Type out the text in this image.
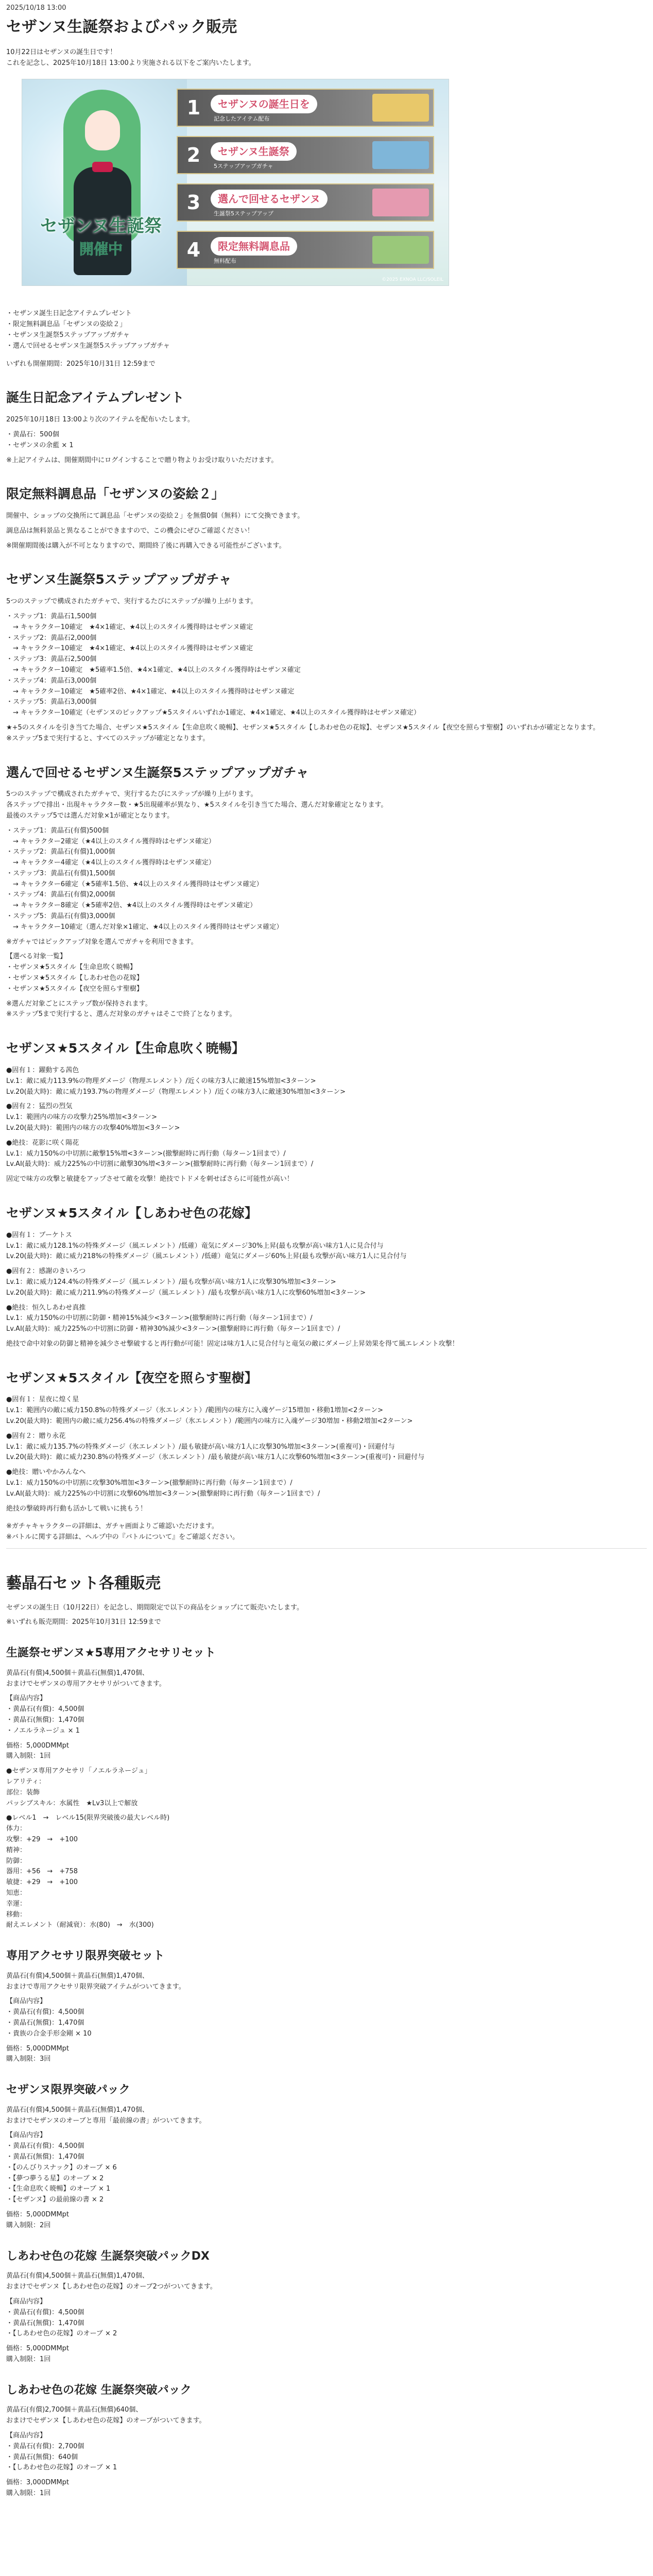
2025/10/18 13:00
セザンヌ生誕祭およびパック販売
10月22日はセザンヌの誕生日です！
これを記念し、2025年10月18日 13:00より実施される以下をご案内いたします。
セザンヌ生誕祭
開催中
1	セザンヌの誕生日を
記念したアイテム配布
2	セザンヌ生誕祭
5ステップアップガチャ
3	選んで回せるセザンヌ
生誕祭5ステップアップ
4	限定無料調息品
無料配布
©2025 EXNOA LLC/SOLEIL
・セザンヌ誕生日記念アイテムプレゼント
・限定無料調息品「セザンヌの姿絵２」
・セザンヌ生誕祭5ステップアップガチャ
・選んで回せるセザンヌ生誕祭5ステップアップガチャ
いずれも開催期間：2025年10月31日 12:59まで
誕生日記念アイテムプレゼント
2025年10月18日 13:00より次のアイテムを配布いたします。
・黄晶石：500個
・セザンヌの余藍 × 1
※上記アイテムは、開催期間中にログインすることで贈り物よりお受け取りいただけます。
限定無料調息品「セザンヌの姿絵２」
開催中、ショップの交換所にて調息品「セザンヌの姿絵２」を無償0個（無料）にて交換できます。
調息品は無料景品と異なることができますので、この機会にぜひご確認ください！
※開催期間後は購入が不可となりますので、期間終了後に再購入できる可能性がございます。
セザンヌ生誕祭5ステップアップガチャ
5つのステップで構成されたガチャで、実行するたびにステップが繰り上がります。
・ステップ1：黄晶石1,500個
　→ キャラクター10確定　★4×1確定、★4以上のスタイル獲得時はセザンヌ確定
・ステップ2：黄晶石2,000個
　→ キャラクター10確定　★4×1確定、★4以上のスタイル獲得時はセザンヌ確定
・ステップ3：黄晶石2,500個
　→ キャラクター10確定　★5確率1.5倍、★4×1確定、★4以上のスタイル獲得時はセザンヌ確定
・ステップ4：黄晶石3,000個
　→ キャラクター10確定　★5確率2倍、★4×1確定、★4以上のスタイル獲得時はセザンヌ確定
・ステップ5：黄晶石3,000個
　→ キャラクター10確定（セザンヌのピックアップ★5スタイルいずれか1確定、★4×1確定、★4以上のスタイル獲得時はセザンヌ確定）
★+5のスタイルを引き当てた場合、セザンヌ★5スタイル【生命息吹く暁暢】、セザンヌ★5スタイル【しあわせ色の花嫁】、セザンヌ★5スタイル【夜空を照らす聖樹】のいずれかが確定となります。
※ステップ5まで実行すると、すべてのステップが確定となります。
選んで回せるセザンヌ生誕祭5ステップアップガチャ
5つのステップで構成されたガチャで、実行するたびにステップが繰り上がります。
各ステップで排出・出現キャラクター数・★5出現確率が異なり、★5スタイルを引き当てた場合、選んだ対象確定となります。
最後のステップ5では選んだ対象×1が確定となります。
・ステップ1：黄晶石(有償)500個
　→ キャラクター2確定（★4以上のスタイル獲得時はセザンヌ確定）
・ステップ2：黄晶石(有償)1,000個
　→ キャラクター4確定（★4以上のスタイル獲得時はセザンヌ確定）
・ステップ3：黄晶石(有償)1,500個
　→ キャラクター6確定（★5確率1.5倍、★4以上のスタイル獲得時はセザンヌ確定）
・ステップ4：黄晶石(有償)2,000個
　→ キャラクター8確定（★5確率2倍、★4以上のスタイル獲得時はセザンヌ確定）
・ステップ5：黄晶石(有償)3,000個
　→ キャラクター10確定（選んだ対象×1確定、★4以上のスタイル獲得時はセザンヌ確定）
※ガチャではピックアップ対象を選んでガチャを利用できます。
【選べる対象一覧】
・セザンヌ★5スタイル【生命息吹く暁暢】
・セザンヌ★5スタイル【しあわせ色の花嫁】
・セザンヌ★5スタイル【夜空を照らす聖樹】
※選んだ対象ごとにステップ数が保持されます。
※ステップ5まで実行すると、選んだ対象のガチャはそこで終了となります。
セザンヌ★5スタイル【生命息吹く暁暢】
●固有１：躍動する茜色
Lv.1：敵に威力113.9%の物理ダメージ（物理エレメント）/近くの味方3人に敵速15%増加<3ターン>
Lv.20(最大時)：敵に威力193.7%の物理ダメージ（物理エレメント）/近くの味方3人に敵速30%増加<3ターン>
●固有２：猛烈の烈気
Lv.1：範囲内の味方の攻撃力25%増加<3ターン>
Lv.20(最大時)：範囲内の味方の攻撃40%増加<3ターン>
●絶技：花影に咲く陽花
Lv.1：威力150%の中切割に敵撃15%増<3ターン>(撤撃耐時に再行動（毎ターン1回まで）/
Lv.AI(最大時)：威力225%の中切割に敵撃30%増<3ターン>(撤撃耐時に再行動（毎ターン1回まで）/
固定で味方の攻撃と敏捷をアップさせて敵を攻撃！絶技でトドメを刺せばさらに可能性が高い！
セザンヌ★5スタイル【しあわせ色の花嫁】
●固有１：ブーケトス
Lv.1：敵に威力128.1%の特殊ダメージ（風エレメント）/低確）竜気にダメージ30%上昇(最も攻撃が高い味方1人に見合付与
Lv.20(最大時)：敵に威力218%の特殊ダメージ（風エレメント）/低確）竜気にダメージ60%上昇(最も攻撃が高い味方1人に見合付与
●固有２：感謝のきいろつ
Lv.1：敵に威力124.4%の特殊ダメージ（風エレメント）/最も攻撃が高い味方1人に攻撃30%増加<3ターン>
Lv.20(最大時)：敵に威力211.9%の特殊ダメージ（風エレメント）/最も攻撃が高い味方1人に攻撃60%増加<3ターン>
●絶技：恒久しあわせ真推
Lv.1：威力150%の中切割に防御・精神15%減少<3ターン>(撤撃耐時に再行動（毎ターン1回まで）/
Lv.AI(最大時)：威力225%の中切割に防御・精神30%減少<3ターン>(撤撃耐時に再行動（毎ターン1回まで）/
絶技で命中対象の防御と精神を減少させ撃破すると再行動が可能！固定は味方1人に見合付与と竜気の敵にダメージ上昇効果を得て風エレメント攻撃！
セザンヌ★5スタイル【夜空を照らす聖樹】
●固有１：星夜に煌く星
Lv.1：範囲内の敵に威力150.8%の特殊ダメージ（氷エレメント）/範囲内の味方に入魂ゲージ15増加・移動1増加<2ターン>
Lv.20(最大時)：範囲内の敵に威力256.4%の特殊ダメージ（氷エレメント）/範囲内の味方に入魂ゲージ30増加・移動2増加<2ターン>
●固有２：贈り永花
Lv.1：敵に威力135.7%の特殊ダメージ（氷エレメント）/最も敏捷が高い味方1人に攻撃30%増加<3ターン>(重複可)・回避付与
Lv.20(最大時)：敵に威力230.8%の特殊ダメージ（氷エレメント）/最も敏捷が高い味方1人に攻撃60%増加<3ターン>(重複可)・回避付与
●絶技：贈いやかみんなへ
Lv.1：威力150%の中切割に攻撃30%増加<3ターン>(撤撃耐時に再行動（毎ターン1回まで）/
Lv.AI(最大時)：威力225%の中切割に攻撃60%増加<3ターン>(撤撃耐時に再行動（毎ターン1回まで）/
絶技の撃破時再行動も活かして戦いに挑もう！
※ガチャキャラクターの詳細は、ガチャ画面よりご確認いただけます。
※バトルに関する詳細は、ヘルプ中の『バトルについて』をご確認ください。
藝晶石セット各種販売
セザンヌの誕生日（10月22日）を記念し、期間限定で以下の商品をショップにて販売いたします。
※いずれも販売期間：2025年10月31日 12:59まで
生誕祭セザンヌ★5専用アクセサリセット
黄晶石(有償)4,500個＋黄晶石(無償)1,470個、
おまけでセザンヌの専用アクセサリがついてきます。
【商品内容】
・黄晶石(有償)：4,500個
・黄晶石(無償)：1,470個
・ノエルラネージュ × 1
価格：5,000DMMpt
購入制限：1回
●セザンヌ専用アクセサリ「ノエルラネージュ」
レアリティ：
部位：装飾
パッシブスキル：水属性　★Lv3以上で解放
●レベル1　→　レベル15(限界突破後の最大レベル時)
体力：
攻撃：+29　→　+100
精神：
防御：
器用：+56　→　+758
敏捷：+29　→　+100
知恵：
幸運：
移動：
耐えエレメント（耐減衰）：水(80)　→　水(300)
専用アクセサリ限界突破セット
黄晶石(有償)4,500個＋黄晶石(無償)1,470個、
おまけで専用アクセサリ限界突破アイテムがついてきます。
【商品内容】
・黄晶石(有償)：4,500個
・黄晶石(無償)：1,470個
・貴族の合金手形金剛 × 10
価格：5,000DMMpt
購入制限：3回
セザンヌ限界突破パック
黄晶石(有償)4,500個＋黄晶石(無償)1,470個、
おまけでセザンヌのオーブと専用「最前線の書」がついてきます。
【商品内容】
・黄晶石(有償)：4,500個
・黄晶石(無償)：1,470個
・【のんびりスナック】のオーブ × 6
・【夢つ夢うる星】のオーブ × 2
・【生命息吹く暁暢】のオーブ × 1
・【セザンヌ】の最前線の書 × 2
価格：5,000DMMpt
購入制限：2回
しあわせ色の花嫁 生誕祭突破パックDX
黄晶石(有償)4,500個＋黄晶石(無償)1,470個、
おまけでセザンヌ【しあわせ色の花嫁】のオーブ2つがついてきます。
【商品内容】
・黄晶石(有償)：4,500個
・黄晶石(無償)：1,470個
・【しあわせ色の花嫁】のオーブ × 2
価格：5,000DMMpt
購入制限：1回
しあわせ色の花嫁 生誕祭突破パック
黄晶石(有償)2,700個＋黄晶石(無償)640個、
おまけでセザンヌ【しあわせ色の花嫁】のオーブがついてきます。
【商品内容】
・黄晶石(有償)：2,700個
・黄晶石(無償)：640個
・【しあわせ色の花嫁】のオーブ × 1
価格：3,000DMMpt
購入制限：1回
